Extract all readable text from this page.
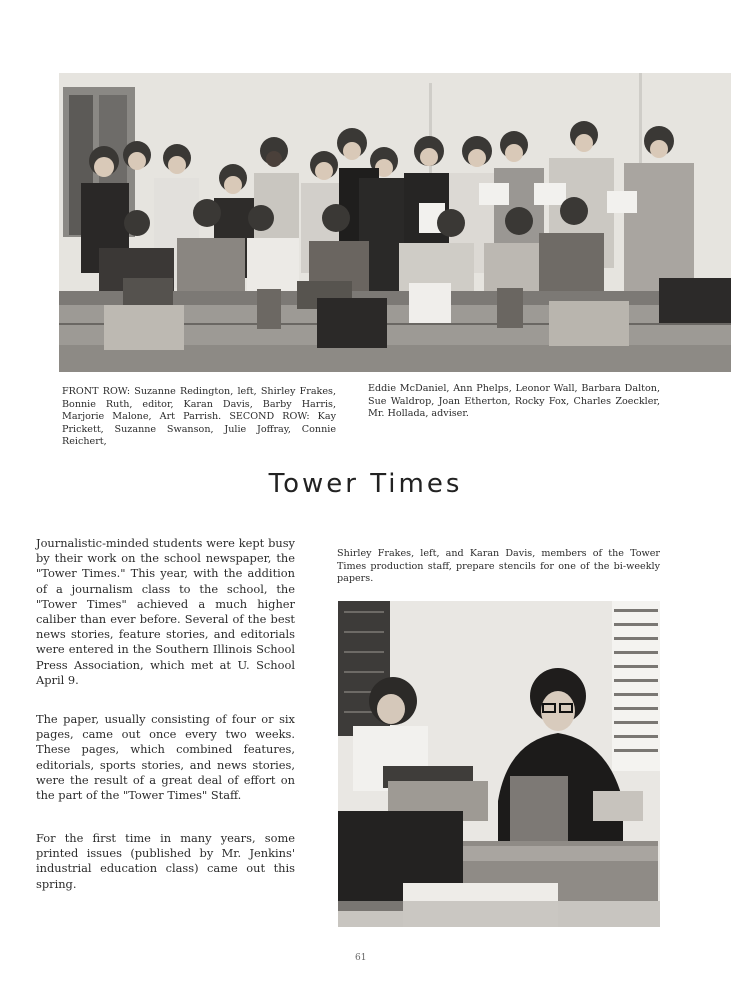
FRONT ROW: Suzanne Redington, left, Shirley Frakes, Bonnie Ruth, editor, Karan Davis, Barby Harris, Marjorie Malone, Art Parrish. SECOND ROW: Kay Prickett, Suzanne Swanson, Julie Joffray, Connie Reichert,
Eddie McDaniel, Ann Phelps, Leonor Wall, Barbara Dalton, Sue Waldrop, Joan Etherton, Rocky Fox, Charles Zoeckler, Mr. Hollada, adviser.
Tower Times
Journalistic-minded students were kept busy by their work on the school newspaper, the "Tower Times." This year, with the addition of a journalism class to the school, the "Tower Times" achieved a much higher caliber than ever before. Several of the best news stories, feature stories, and editorials were entered in the Southern Illinois School Press Association, which met at U. School April 9.
The paper, usually consisting of four or six pages, came out once every two weeks. These pages, which combined features, editorials, sports stories, and news stories, were the result of a great deal of effort on the part of the "Tower Times" Staff.
For the first time in many years, some printed issues (published by Mr. Jenkins' industrial education class) came out this spring.
Shirley Frakes, left, and Karan Davis, members of the Tower Times production staff, prepare stencils for one of the bi-weekly papers.
61
